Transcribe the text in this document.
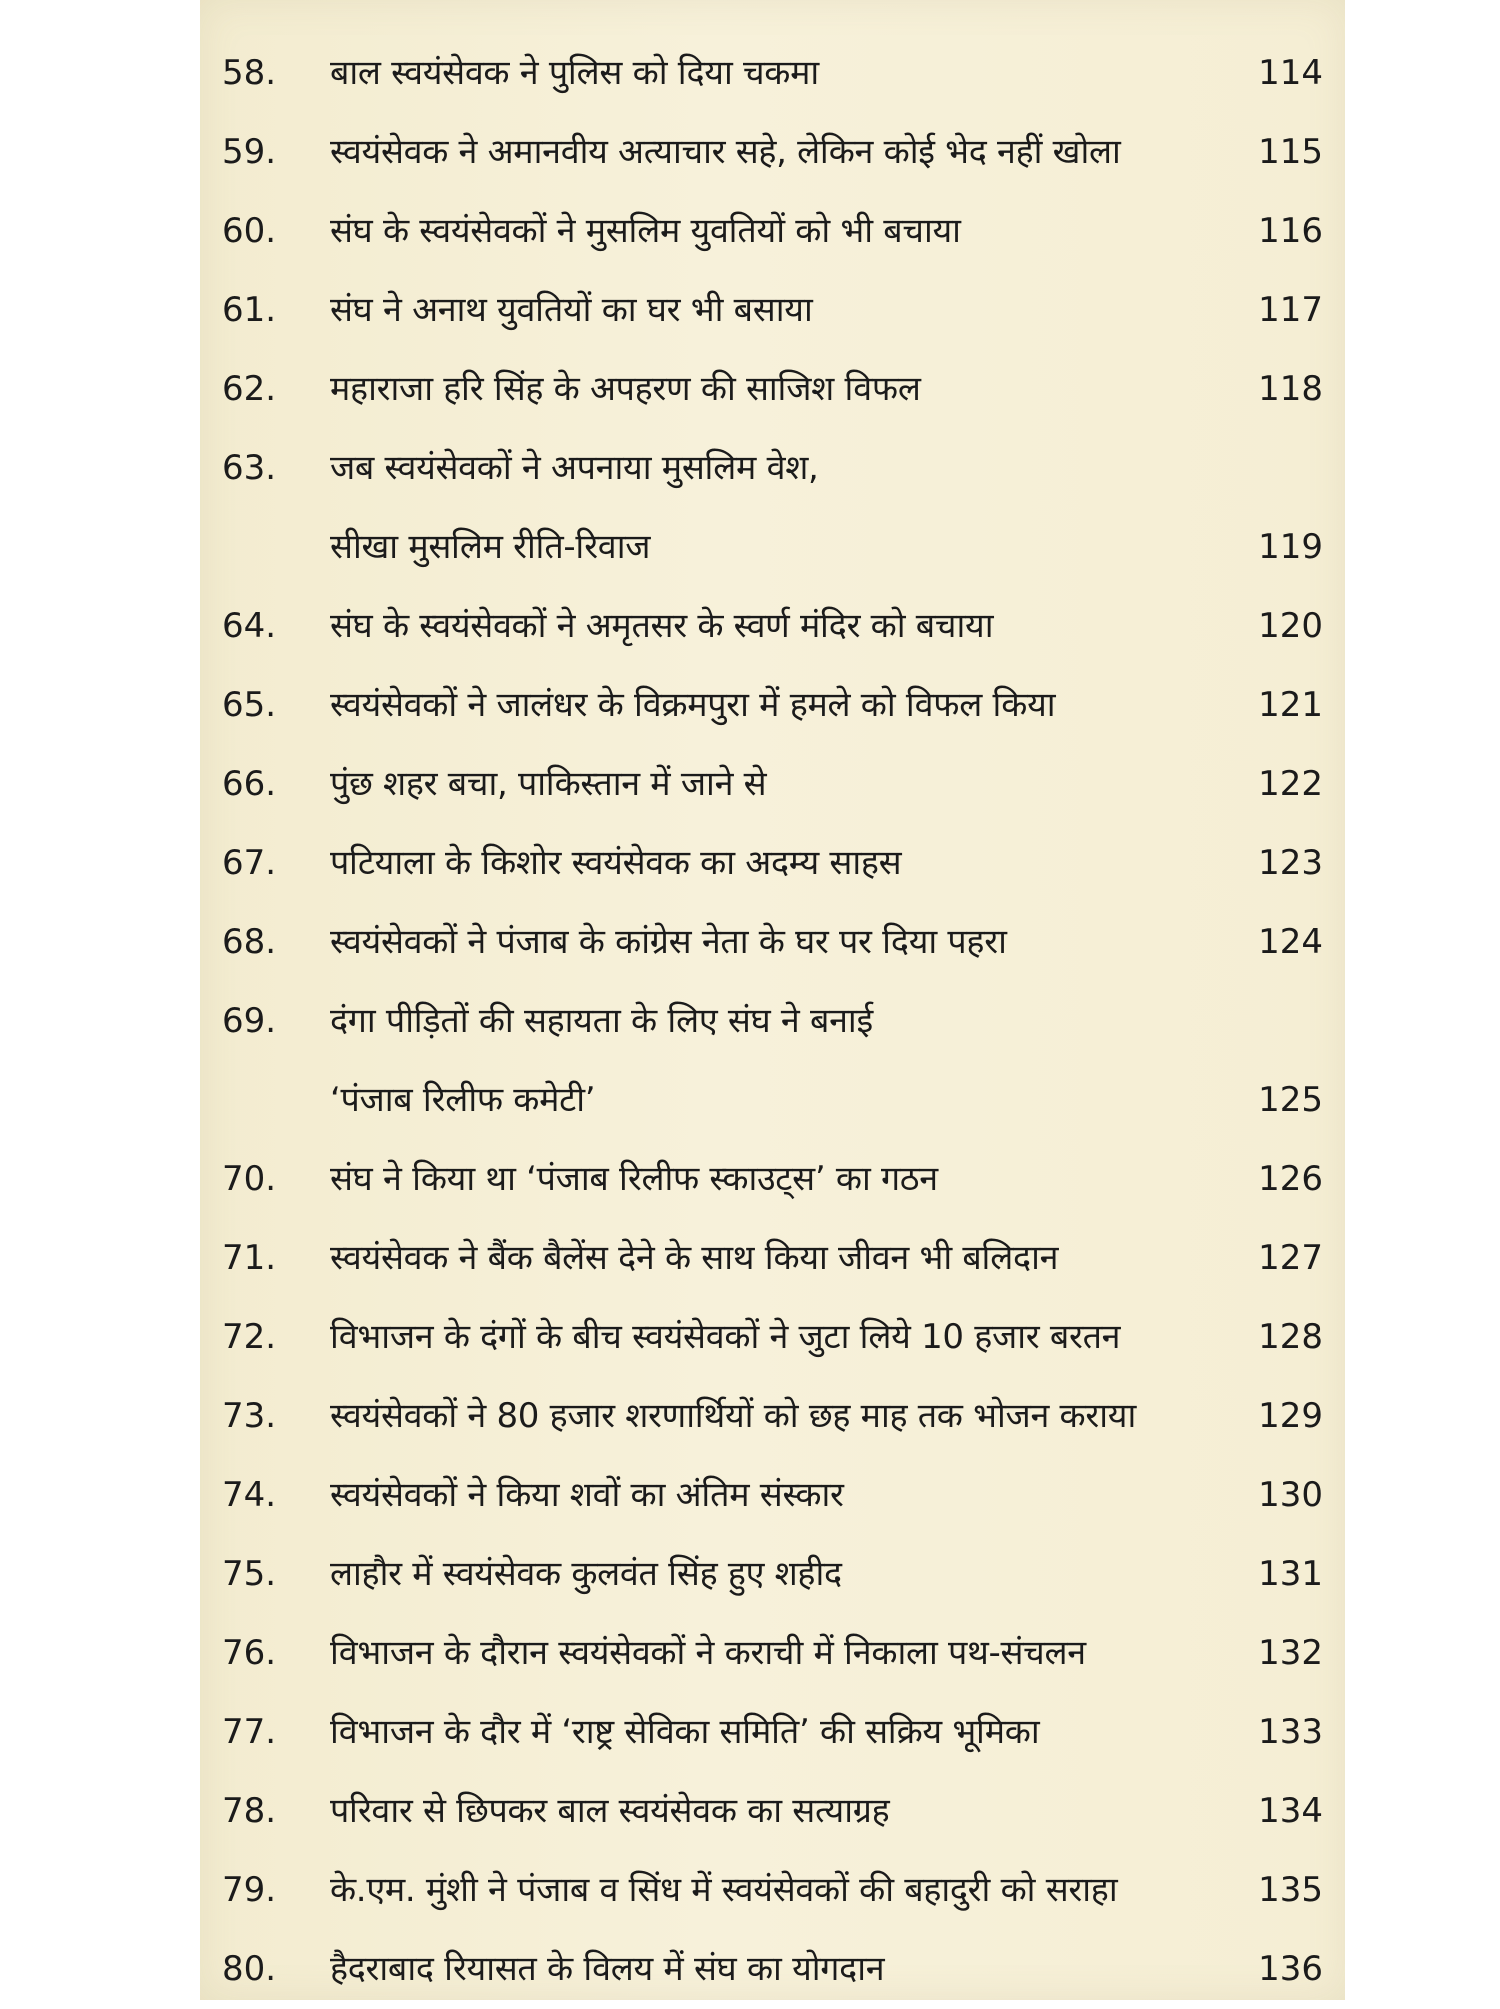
58.	बाल स्वयंसेवक ने पुलिस को दिया चकमा	114
59.	स्वयंसेवक ने अमानवीय अत्याचार सहे, लेकिन कोई भेद नहीं खोला	115
60.	संघ के स्वयंसेवकों ने मुसलिम युवतियों को भी बचाया	116
61.	संघ ने अनाथ युवतियों का घर भी बसाया	117
62.	महाराजा हरि सिंह के अपहरण की साजिश विफल	118
63.	जब स्वयंसेवकों ने अपनाया मुसलिम वेश,
सीखा मुसलिम रीति-रिवाज	119
64.	संघ के स्वयंसेवकों ने अमृतसर के स्वर्ण मंदिर को बचाया	120
65.	स्वयंसेवकों ने जालंधर के विक्रमपुरा में हमले को विफल किया	121
66.	पुंछ शहर बचा, पाकिस्तान में जाने से	122
67.	पटियाला के किशोर स्वयंसेवक का अदम्य साहस	123
68.	स्वयंसेवकों ने पंजाब के कांग्रेस नेता के घर पर दिया पहरा	124
69.	दंगा पीड़ितों की सहायता के लिए संघ ने बनाई
‘पंजाब रिलीफ कमेटी’	125
70.	संघ ने किया था ‘पंजाब रिलीफ स्काउट्स’ का गठन	126
71.	स्वयंसेवक ने बैंक बैलेंस देने के साथ किया जीवन भी बलिदान	127
72.	विभाजन के दंगों के बीच स्वयंसेवकों ने जुटा लिये 10 हजार बरतन	128
73.	स्वयंसेवकों ने 80 हजार शरणार्थियों को छह माह तक भोजन कराया	129
74.	स्वयंसेवकों ने किया शवों का अंतिम संस्कार	130
75.	लाहौर में स्वयंसेवक कुलवंत सिंह हुए शहीद	131
76.	विभाजन के दौरान स्वयंसेवकों ने कराची में निकाला पथ-संचलन	132
77.	विभाजन के दौर में ‘राष्ट्र सेविका समिति’ की सक्रिय भूमिका	133
78.	परिवार से छिपकर बाल स्वयंसेवक का सत्याग्रह	134
79.	के.एम. मुंशी ने पंजाब व सिंध में स्वयंसेवकों की बहादुरी को सराहा	135
80.	हैदराबाद रियासत के विलय में संघ का योगदान	136
